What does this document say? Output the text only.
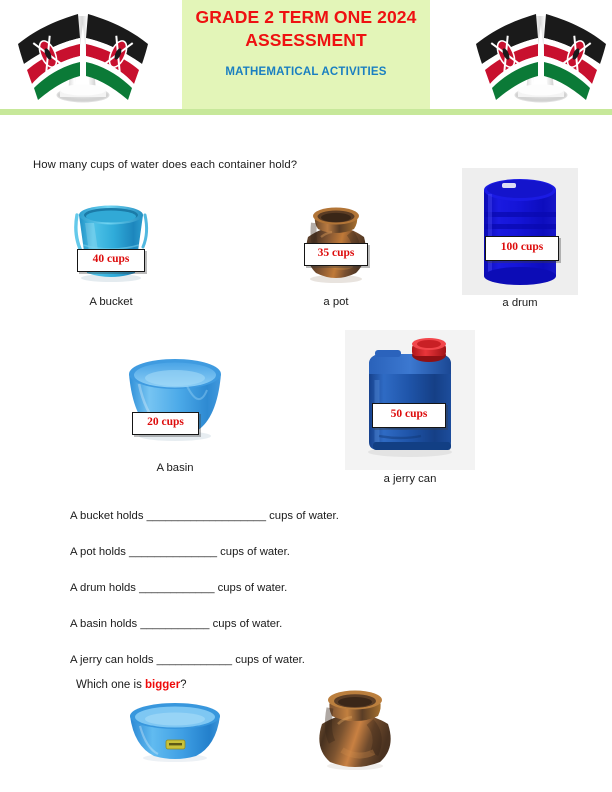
GRADE 2 TERM ONE 2024
ASSESSMENT
MATHEMATICAL ACTIVITIES
How many cups of water does each container hold?
40 cups
A bucket
35 cups
a pot
100 cups
a drum
20 cups
A basin
50 cups
a jerry can
A bucket holds ___________________ cups of water.
A pot holds ______________ cups of water.
A drum holds ____________ cups of water.
A basin holds ___________ cups of water.
A jerry can holds ____________ cups of water.
Which one is bigger?
